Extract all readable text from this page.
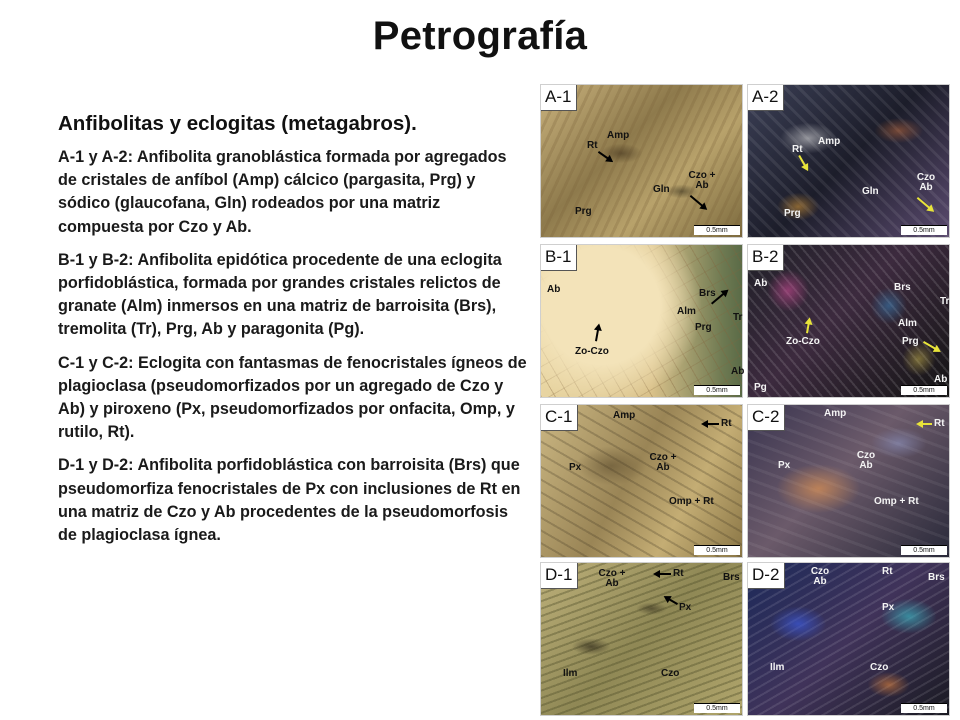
Petrografía
Anfibolitas y eclogitas (metagabros).

A-1 y A-2: Anfibolita granoblástica formada por agregados de cristales de anfíbol (Amp) cálcico (pargasita, Prg) y sódico (glaucofana, Gln) rodeados por una matriz compuesta por Czo y Ab.

B-1 y B-2: Anfibolita epidótica procedente de una eclogita porfidoblástica, formada por grandes cristales relictos de granate (Alm) inmersos en una matriz de barroisita (Brs), tremolita (Tr), Prg, Ab y paragonita (Pg).

C-1 y C-2: Eclogita con fantasmas de fenocristales ígneos de plagioclasa (pseudomorfizados por un agregado de Czo y Ab) y piroxeno (Px, pseudomorfizados por onfacita, Omp, y rutilo, Rt).

D-1 y D-2: Anfibolita porfidoblástica con barroisita (Brs) que pseudomorfiza fenocristales de Px con inclusiones de Rt en una matriz de Czo y Ab procedentes de la pseudomorfosis de plagioclasa ígnea.

A-1
Amp
Rt
Czo + Ab
Gln
Prg
0.5mm
A-2
Amp
Rt
Czo Ab
Gln
Prg
0.5mm
B-1
Ab	Brs
Alm
Tr
Prg
Zo-Czo
Ab
0.5mm
B-2
Ab	Brs
Tr
Zo-Czo
Alm
Prg
Pg
Ab
0.5mm
C-1	Amp
Rt
Px
Czo + Ab
Omp + Rt
0.5mm
C-2	Amp
Rt
Px
Czo Ab
Omp + Rt
0.5mm
D-1	Czo + Ab
Rt	Brs
Px
Ilm	Czo
0.5mm
D-2	Czo Ab
Rt
Brs
Px
Ilm	Czo
0.5mm
